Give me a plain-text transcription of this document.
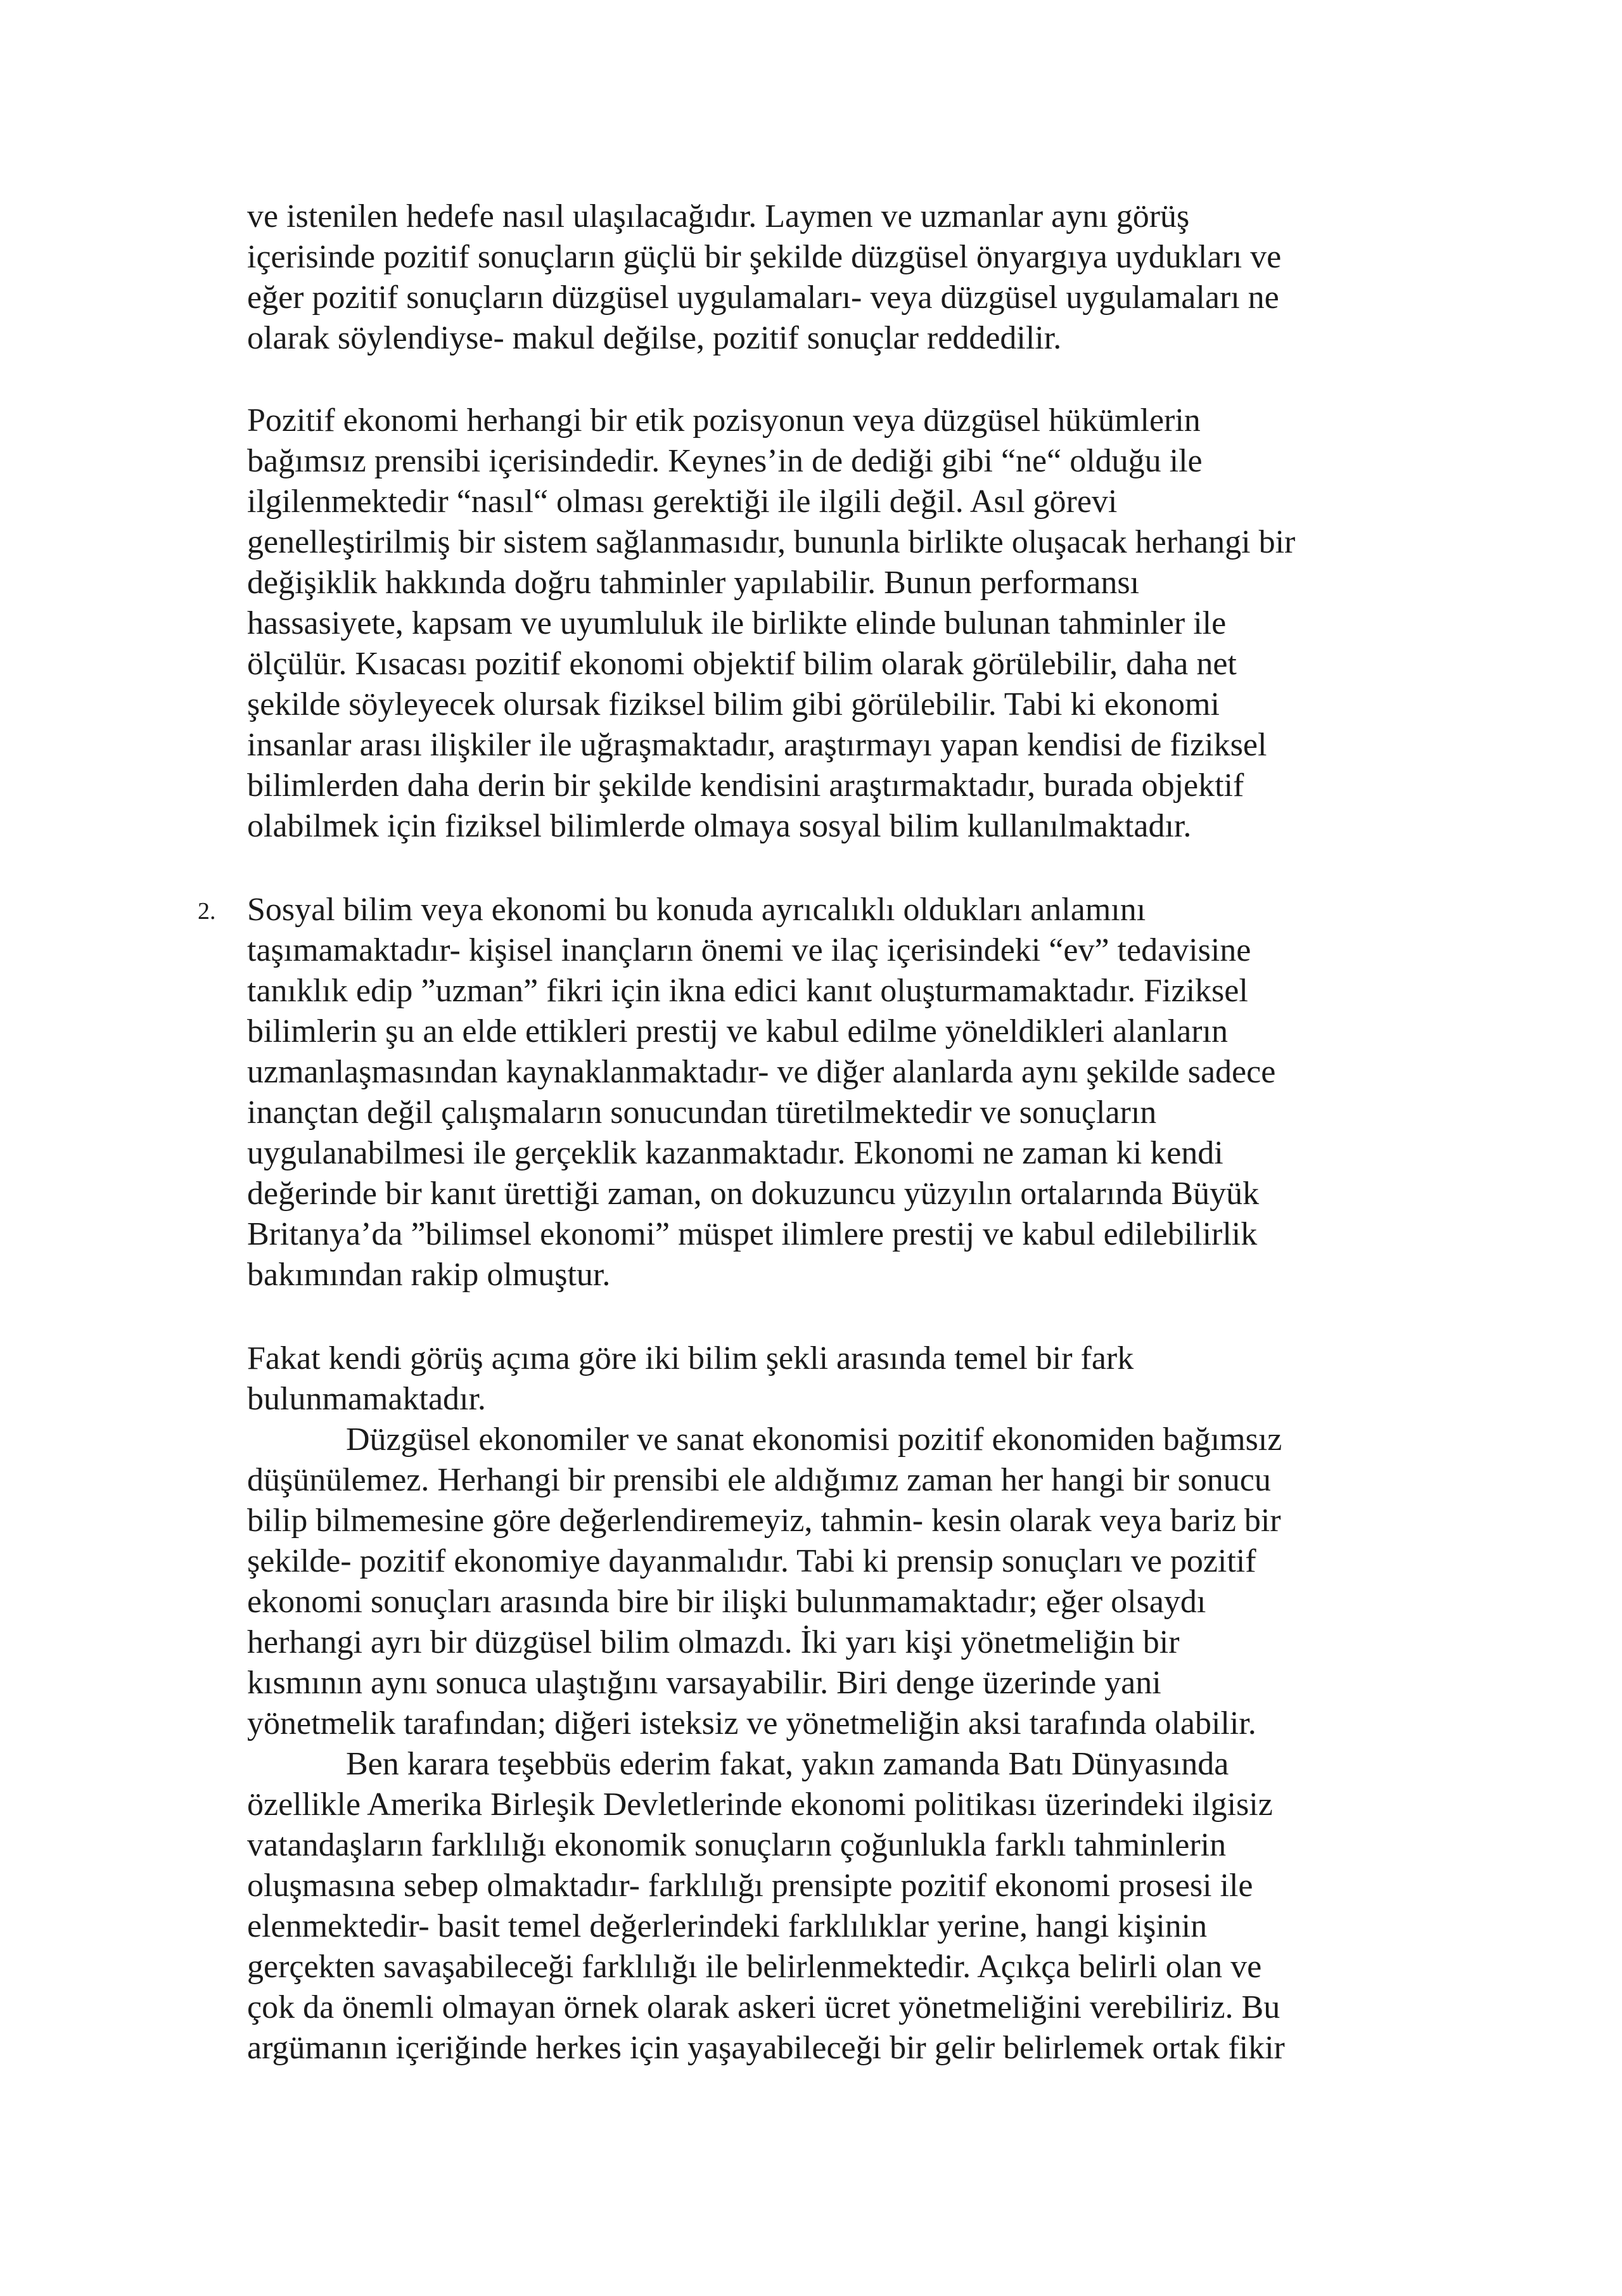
ve istenilen hedefe nasıl ulaşılacağıdır. Laymen ve uzmanlar aynı görüş

içerisinde pozitif sonuçların güçlü bir şekilde düzgüsel önyargıya uydukları ve

eğer pozitif sonuçların düzgüsel uygulamaları- veya düzgüsel uygulamaları ne

olarak söylendiyse- makul değilse, pozitif sonuçlar reddedilir.

Pozitif ekonomi herhangi bir etik pozisyonun veya düzgüsel hükümlerin

bağımsız prensibi içerisindedir. Keynes’in de dediği gibi “ne“ olduğu ile

ilgilenmektedir “nasıl“ olması gerektiği ile ilgili değil. Asıl görevi

genelleştirilmiş bir sistem sağlanmasıdır, bununla birlikte oluşacak herhangi bir

değişiklik hakkında doğru tahminler yapılabilir. Bunun performansı

hassasiyete, kapsam ve uyumluluk ile birlikte elinde bulunan tahminler ile

ölçülür. Kısacası pozitif ekonomi objektif bilim olarak görülebilir, daha net

şekilde söyleyecek olursak fiziksel bilim gibi görülebilir. Tabi ki ekonomi

insanlar arası ilişkiler ile uğraşmaktadır, araştırmayı yapan kendisi de fiziksel

bilimlerden daha derin bir şekilde kendisini araştırmaktadır, burada objektif

olabilmek için fiziksel bilimlerde olmaya sosyal bilim kullanılmaktadır.

2. Sosyal bilim veya ekonomi bu konuda ayrıcalıklı oldukları anlamını

taşımamaktadır- kişisel inançların önemi ve ilaç içerisindeki “ev” tedavisine

tanıklık edip ”uzman” fikri için ikna edici kanıt oluşturmamaktadır. Fiziksel

bilimlerin şu an elde ettikleri prestij ve kabul edilme yöneldikleri alanların

uzmanlaşmasından kaynaklanmaktadır- ve diğer alanlarda aynı şekilde sadece

inançtan değil çalışmaların sonucundan türetilmektedir ve sonuçların

uygulanabilmesi ile gerçeklik kazanmaktadır. Ekonomi ne zaman ki kendi

değerinde bir kanıt ürettiği zaman, on dokuzuncu yüzyılın ortalarında Büyük

Britanya’da ”bilimsel ekonomi” müspet ilimlere prestij ve kabul edilebilirlik

bakımından rakip olmuştur.

Fakat kendi görüş açıma göre iki bilim şekli arasında temel bir fark

bulunmamaktadır.

Düzgüsel ekonomiler ve sanat ekonomisi pozitif ekonomiden bağımsız

düşünülemez. Herhangi bir prensibi ele aldığımız zaman her hangi bir sonucu

bilip bilmemesine göre değerlendiremeyiz, tahmin- kesin olarak veya bariz bir

şekilde- pozitif ekonomiye dayanmalıdır. Tabi ki prensip sonuçları ve pozitif

ekonomi sonuçları arasında bire bir ilişki bulunmamaktadır; eğer olsaydı

herhangi ayrı bir düzgüsel bilim olmazdı. İki yarı kişi yönetmeliğin bir

kısmının aynı sonuca ulaştığını varsayabilir. Biri denge üzerinde yani

yönetmelik tarafından; diğeri isteksiz ve yönetmeliğin aksi tarafında olabilir.

Ben karara teşebbüs ederim fakat, yakın zamanda Batı Dünyasında

özellikle Amerika Birleşik Devletlerinde ekonomi politikası üzerindeki ilgisiz

vatandaşların farklılığı ekonomik sonuçların çoğunlukla farklı tahminlerin

oluşmasına sebep olmaktadır- farklılığı prensipte pozitif ekonomi prosesi ile

elenmektedir- basit temel değerlerindeki farklılıklar yerine, hangi kişinin

gerçekten savaşabileceği farklılığı ile belirlenmektedir. Açıkça belirli olan ve

çok da önemli olmayan örnek olarak askeri ücret yönetmeliğini verebiliriz. Bu

argümanın içeriğinde herkes için yaşayabileceği bir gelir belirlemek ortak fikir
